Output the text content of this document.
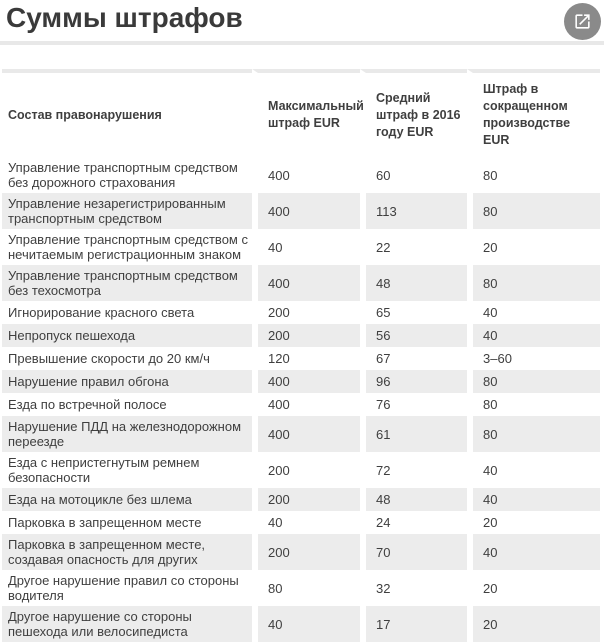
Суммы штрафов
Состав правонарушения	Максимальный штраф EUR	Средний штраф в 2016 году EUR	Штраф в сокращенном производстве EUR
Управление транспортным средством без дорожного страхования	400	60	80
Управление незарегистрированным транспортным средством	400	113	80
Управление транспортным средством с нечитаемым регистрационным знаком	40	22	20
Управление транспортным средством без техосмотра	400	48	80
Игнорирование красного света	200	65	40
Непропуск пешехода	200	56	40
Превышение скорости до 20 км/ч	120	67	3–60
Нарушение правил обгона	400	96	80
Езда по встречной полосе	400	76	80
Нарушение ПДД на железнодорожном переезде	400	61	80
Езда с непристегнутым ремнем безопасности	200	72	40
Езда на мотоцикле без шлема	200	48	40
Парковка в запрещенном месте	40	24	20
Парковка в запрещенном месте, создавая опасность для других	200	70	40
Другое нарушение правил со стороны водителя	80	32	20
Другое нарушение со стороны пешехода или велосипедиста	40	17	20
